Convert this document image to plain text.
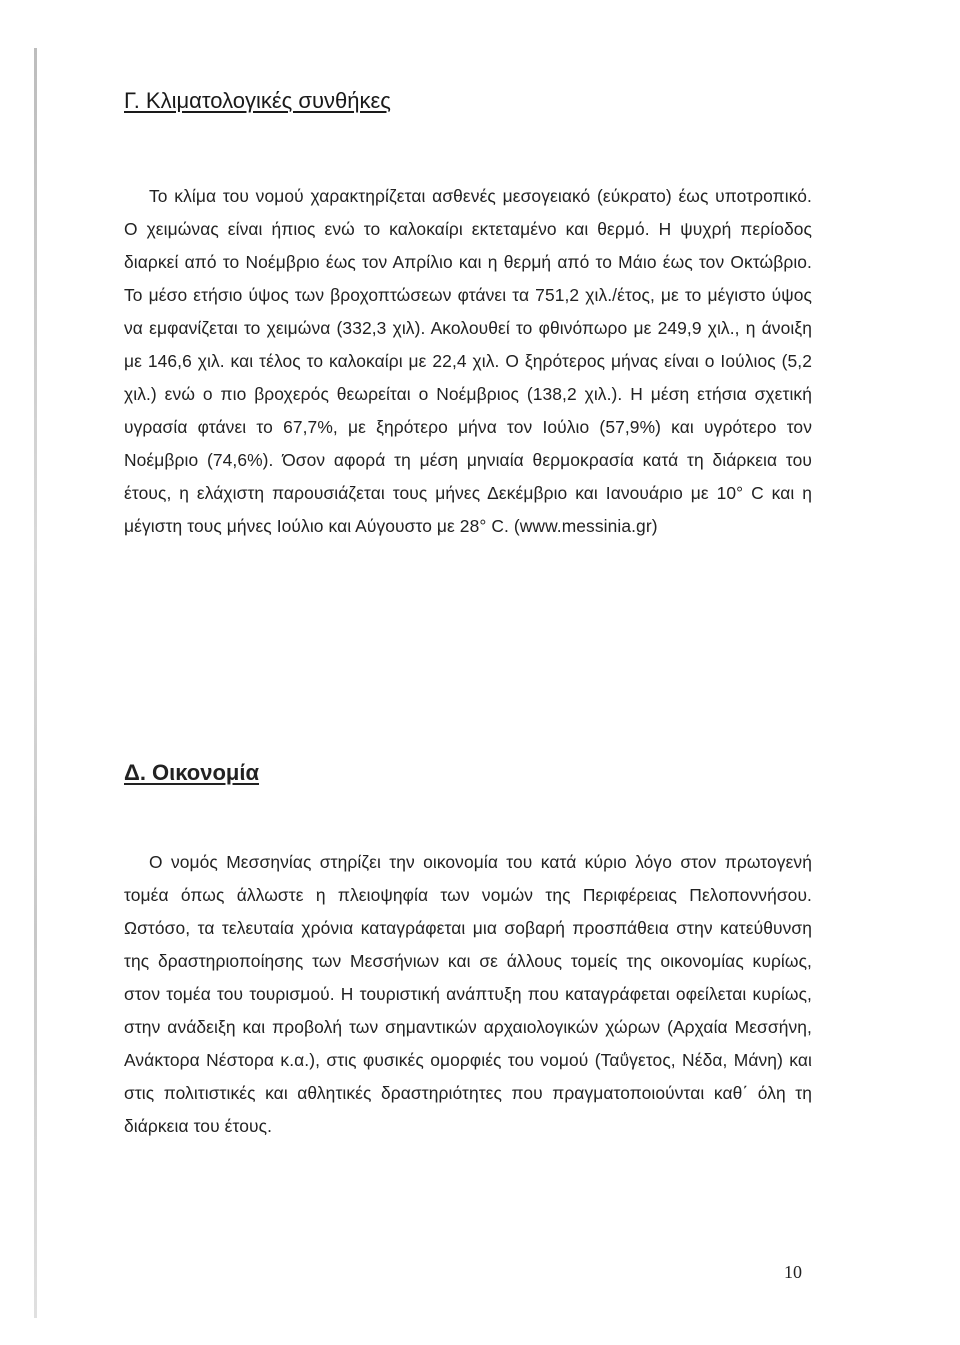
Γ. Κλιματολογικές συνθήκες

Το κλίμα του νομού χαρακτηρίζεται ασθενές μεσογειακό (εύκρατο) έως υποτροπικό. Ο χειμώνας είναι ήπιος ενώ το καλοκαίρι εκτεταμένο και θερμό. Η ψυχρή περίοδος διαρκεί από το Νοέμβριο έως τον Απρίλιο και η θερμή από το Μάιο έως τον Οκτώβριο. Το μέσο ετήσιο ύψος των βροχοπτώσεων φτάνει τα 751,2 χιλ./έτος, με το μέγιστο ύψος να εμφανίζεται το χειμώνα (332,3 χιλ). Ακολουθεί το φθινόπωρο με 249,9 χιλ., η άνοιξη με 146,6 χιλ. και τέλος το καλοκαίρι με 22,4 χιλ. Ο ξηρότερος μήνας είναι ο Ιούλιος (5,2 χιλ.) ενώ ο πιο βροχερός θεωρείται ο Νοέμβριος (138,2 χιλ.). Η μέση ετήσια σχετική υγρασία φτάνει το 67,7%, με ξηρότερο μήνα τον Ιούλιο (57,9%) και υγρότερο τον Νοέμβριο (74,6%). Όσον αφορά τη μέση μηνιαία θερμοκρασία κατά τη διάρκεια του έτους, η ελάχιστη παρουσιάζεται τους μήνες Δεκέμβριο και Ιανουάριο με 10° C και η μέγιστη τους μήνες Ιούλιο και Αύγουστο με 28° C. (www.messinia.gr)

Δ. Οικονομία

Ο νομός Μεσσηνίας στηρίζει την οικονομία του κατά κύριο λόγο στον πρωτογενή τομέα όπως άλλωστε η πλειοψηφία των νομών της Περιφέρειας Πελοποννήσου. Ωστόσο, τα τελευταία χρόνια καταγράφεται μια σοβαρή προσπάθεια στην κατεύθυνση της δραστηριοποίησης των Μεσσήνιων και σε άλλους τομείς της οικονομίας κυρίως, στον τομέα του τουρισμού. Η τουριστική ανάπτυξη που καταγράφεται οφείλεται κυρίως, στην ανάδειξη και προβολή των σημαντικών αρχαιολογικών χώρων (Αρχαία Μεσσήνη, Ανάκτορα Νέστορα κ.α.), στις φυσικές ομορφιές του νομού (Ταΰγετος, Νέδα, Μάνη) και στις πολιτιστικές και αθλητικές δραστηριότητες που πραγματοποιούνται καθ΄ όλη τη διάρκεια του έτους.

10
